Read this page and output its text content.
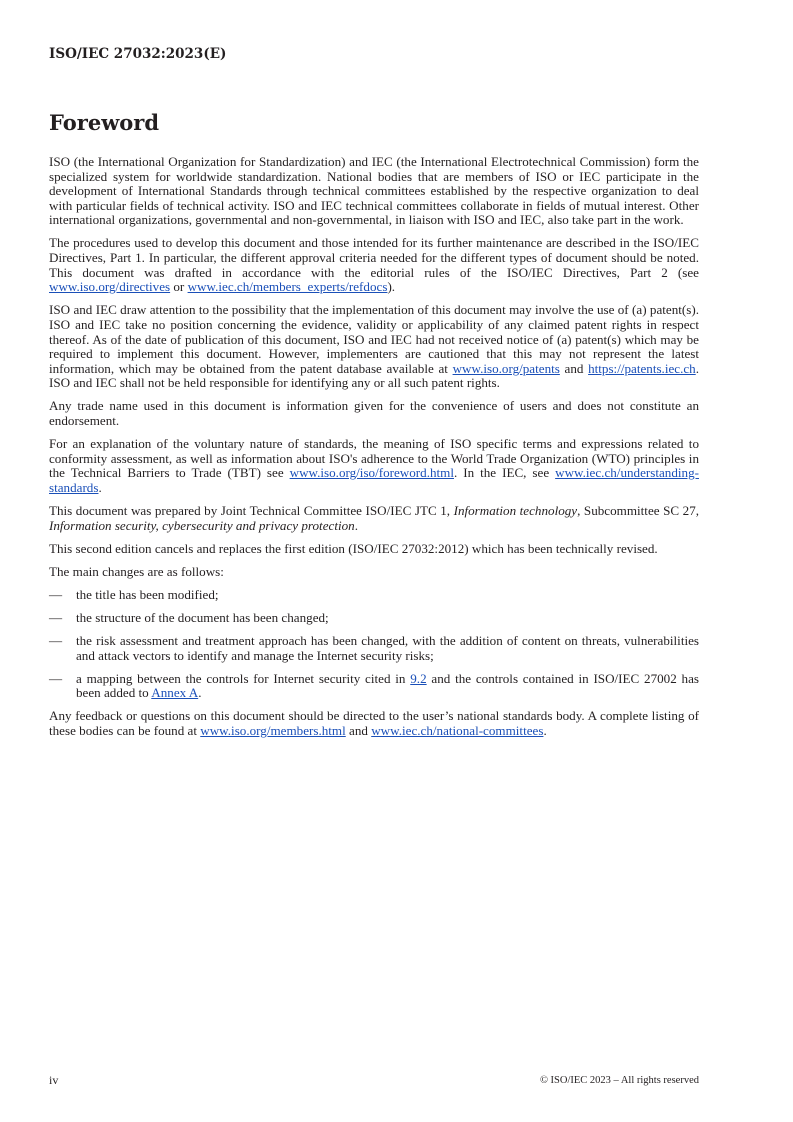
ISO/IEC 27032:2023(E)
Foreword

ISO (the International Organization for Standardization) and IEC (the International Electrotechnical Commission) form the specialized system for worldwide standardization. National bodies that are members of ISO or IEC participate in the development of International Standards through technical committees established by the respective organization to deal with particular fields of technical activity. ISO and IEC technical committees collaborate in fields of mutual interest. Other international organizations, governmental and non-governmental, in liaison with ISO and IEC, also take part in the work.

The procedures used to develop this document and those intended for its further maintenance are described in the ISO/IEC Directives, Part 1. In particular, the different approval criteria needed for the different types of document should be noted. This document was drafted in accordance with the editorial rules of the ISO/IEC Directives, Part 2 (see www.iso.org/directives or www.iec.ch/members_experts/refdocs).

ISO and IEC draw attention to the possibility that the implementation of this document may involve the use of (a) patent(s). ISO and IEC take no position concerning the evidence, validity or applicability of any claimed patent rights in respect thereof. As of the date of publication of this document, ISO and IEC had not received notice of (a) patent(s) which may be required to implement this document. However, implementers are cautioned that this may not represent the latest information, which may be obtained from the patent database available at www.iso.org/patents and https://patents.iec.ch. ISO and IEC shall not be held responsible for identifying any or all such patent rights.

Any trade name used in this document is information given for the convenience of users and does not constitute an endorsement.

For an explanation of the voluntary nature of standards, the meaning of ISO specific terms and expressions related to conformity assessment, as well as information about ISO's adherence to the World Trade Organization (WTO) principles in the Technical Barriers to Trade (TBT) see www.iso.org/iso/foreword.html. In the IEC, see www.iec.ch/understanding-standards.

This document was prepared by Joint Technical Committee ISO/IEC JTC 1, Information technology, Subcommittee SC 27, Information security, cybersecurity and privacy protection.

This second edition cancels and replaces the first edition (ISO/IEC 27032:2012) which has been technically revised.

The main changes are as follows:

— the title has been modified;
— the structure of the document has been changed;
— the risk assessment and treatment approach has been changed, with the addition of content on threats, vulnerabilities and attack vectors to identify and manage the Internet security risks;
— a mapping between the controls for Internet security cited in 9.2 and the controls contained in ISO/IEC 27002 has been added to Annex A.

Any feedback or questions on this document should be directed to the user’s national standards body. A complete listing of these bodies can be found at www.iso.org/members.html and www.iec.ch/national-committees.

iv	© ISO/IEC 2023 – All rights reserved
